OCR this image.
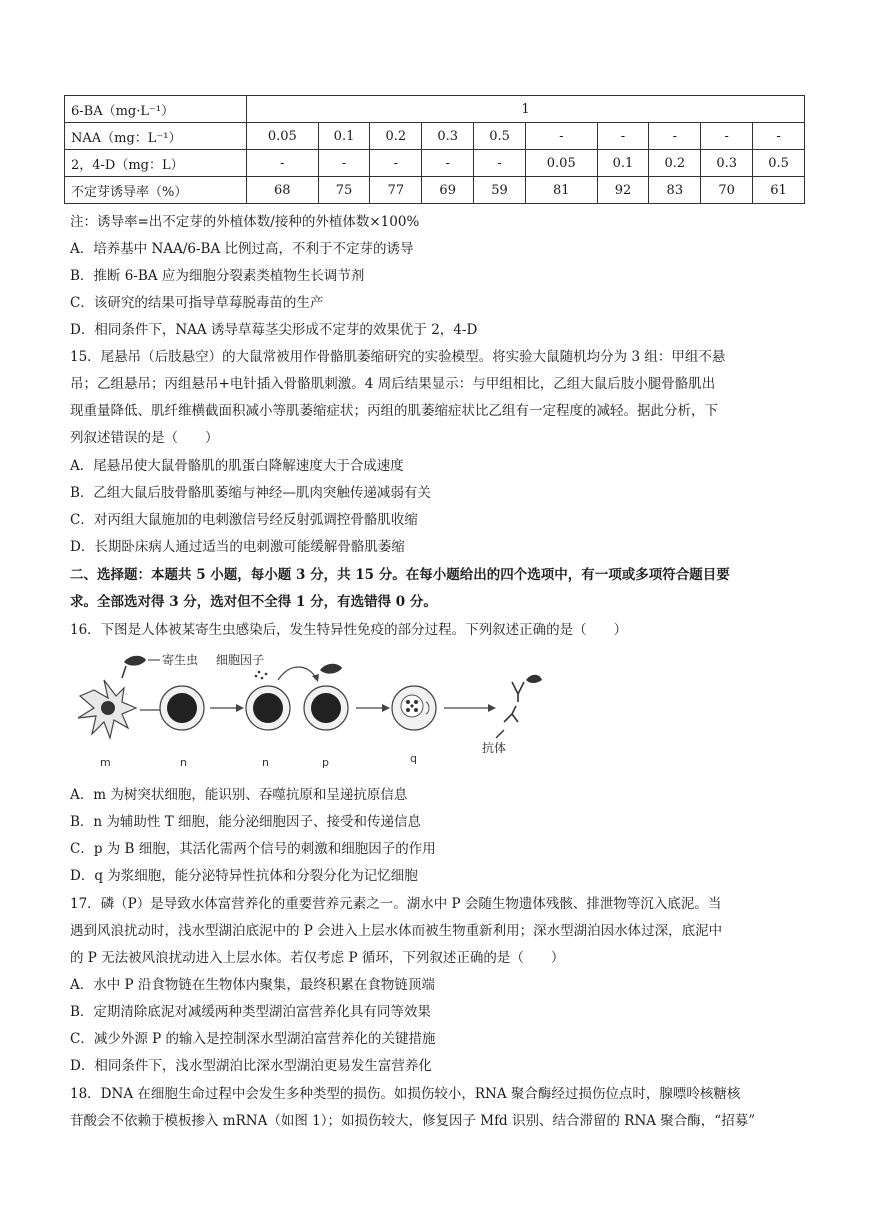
6-BA（mg·L⁻¹）	1									
NAA（mg：L⁻¹）	0.05	0.1	0.2	0.3	0.5	-	-	-	-	-
2，4-D（mg：L）	-	-	-	-	-	0.05	0.1	0.2	0.3	0.5
不定芽诱导率（%）	68	75	77	69	59	81	92	83	70	61
注：诱导率=出不定芽的外植体数/接种的外植体数×100%
A．培养基中 NAA/6-BA 比例过高，不利于不定芽的诱导
B．推断 6-BA 应为细胞分裂素类植物生长调节剂
C．该研究的结果可指导草莓脱毒苗的生产
D．相同条件下，NAA 诱导草莓茎尖形成不定芽的效果优于 2，4-D
15．尾悬吊（后肢悬空）的大鼠常被用作骨骼肌萎缩研究的实验模型。将实验大鼠随机均分为 3 组：甲组不悬
吊；乙组悬吊；丙组悬吊+电针插入骨骼肌刺激。4 周后结果显示：与甲组相比，乙组大鼠后肢小腿骨骼肌出
现重量降低、肌纤维横截面积减小等肌萎缩症状；丙组的肌萎缩症状比乙组有一定程度的减轻。据此分析，下
列叙述错误的是（　　）
A．尾悬吊使大鼠骨骼肌的肌蛋白降解速度大于合成速度
B．乙组大鼠后肢骨骼肌萎缩与神经—肌肉突触传递减弱有关
C．对丙组大鼠施加的电刺激信号经反射弧调控骨骼肌收缩
D．长期卧床病人通过适当的电刺激可能缓解骨骼肌萎缩
二、选择题：本题共 5 小题，每小题 3 分，共 15 分。在每小题给出的四个选项中，有一项或多项符合题目要
求。全部选对得 3 分，选对但不全得 1 分，有选错得 0 分。
16．下图是人体被某寄生虫感染后，发生特异性免疫的部分过程。下列叙述正确的是（　　）
寄生虫 细胞因子
抗体
m	n	n	p	q
A．m 为树突状细胞，能识别、吞噬抗原和呈递抗原信息
B．n 为辅助性 T 细胞，能分泌细胞因子、接受和传递信息
C．p 为 B 细胞，其活化需两个信号的刺激和细胞因子的作用
D．q 为浆细胞，能分泌特异性抗体和分裂分化为记忆细胞
17．磷（P）是导致水体富营养化的重要营养元素之一。湖水中 P 会随生物遗体残骸、排泄物等沉入底泥。当
遇到风浪扰动时，浅水型湖泊底泥中的 P 会进入上层水体而被生物重新利用；深水型湖泊因水体过深，底泥中
的 P 无法被风浪扰动进入上层水体。若仅考虑 P 循环，下列叙述正确的是（　　）
A．水中 P 沿食物链在生物体内聚集，最终积累在食物链顶端
B．定期清除底泥对减缓两种类型湖泊富营养化具有同等效果
C．减少外源 P 的输入是控制深水型湖泊富营养化的关键措施
D．相同条件下，浅水型湖泊比深水型湖泊更易发生富营养化
18．DNA 在细胞生命过程中会发生多种类型的损伤。如损伤较小，RNA 聚合酶经过损伤位点时，腺嘌呤核糖核
苷酸会不依赖于模板掺入 mRNA（如图 1）；如损伤较大，修复因子 Mfd 识别、结合滞留的 RNA 聚合酶，“招募”
